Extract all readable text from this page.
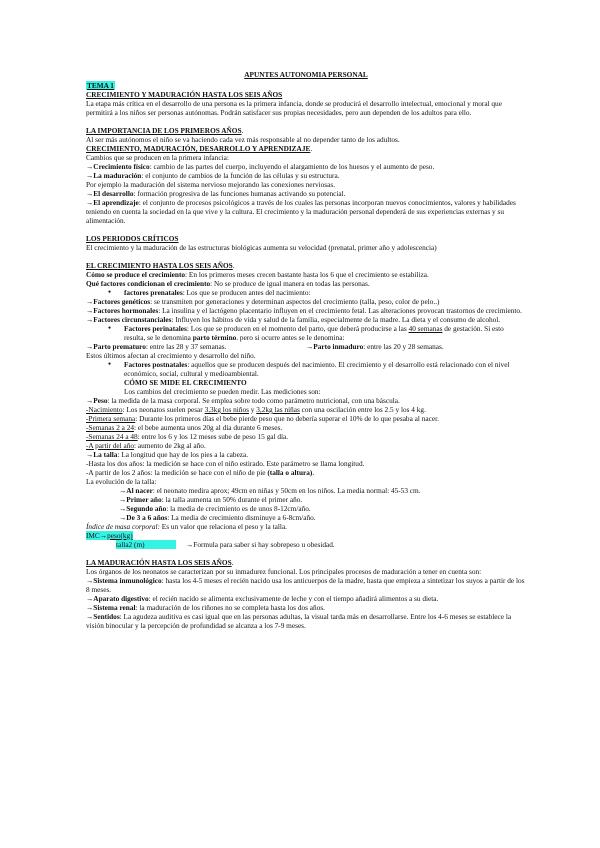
APUNTES AUTONOMIA PERSONAL
TEMA 1

CRECIMIENTO Y MADURACIÓN HASTA LOS SEIS AÑOS

La etapa más crítica en el desarrollo de una persona es la primera infancia, donde se producirá el desarrollo intelectual, emocional y moral que permitirá a los niños ser personas autónomas. Podrán satisfacer sus propias necesidades, pero aun dependen de los adultos para ello.

LA IMPORTANCIA DE LOS PRIMEROS AÑOS.

Al ser más autónomos el niño se va haciendo cada vez más responsable al no depender tanto de los adultos.

CRECIMIENTO, MADURACIÓN, DESARROLLO Y APRENDIZAJE.

Cambios que se producen en la primera infancia:

→Crecimiento físico: cambio de las partes del cuerpo, incluyendo el alargamiento de los huesos y el aumento de peso.

→La maduración: el conjunto de cambios de la función de las células y su estructura.

Por ejemplo la maduración del sistema nervioso mejorando las conexiones nerviosas.

→El desarrollo: formación progresiva de las funciones humanas activando su potencial.

→El aprendizaje: el conjunto de procesos psicológicos a través de los cuales las personas incorporan nuevos conocimientos, valores y habilidades teniendo en cuenta la sociedad en la que vive y la cultura. El crecimiento y la maduración personal dependerá de sus experiencias externas y su alimentación.

LOS PERIODOS CRÍTICOS

El crecimiento y la maduración de las estructuras biológicas aumenta su velocidad (prenatal, primer año y adolescencia)

EL CRECIMIENTO HASTA LOS SEIS AÑOS.

Cómo se produce el crecimiento: En los primeros meses crecen bastante hasta los 6 que el crecimiento se estabiliza.

Qué factores condicionan el crecimiento: No se produce de igual manera en todas las personas.

● factores prenatales: Los que se producen antes del nacimiento:

→Factores genéticos: se transmiten por generaciones y determinan aspectos del crecimiento (talla, peso, color de pelo..)

→Factores hormonales: La insulina y el lactógeno placentario influyen en el crecimiento fetal. Las alteraciones provocan trastornos de crecimiento.

→Factores circunstanciales: Influyen los hábitos de vida y salud de la familia, especialmente de la madre. La dieta y el consumo de alcohol.

● Factores perinatales: Los que se producen en el momento del parto, que deberá producirse a las 40 semanas de gestación. Si esto resulta, se le denomina parto término. pero si ocurre antes se le denomina:

→Parto prematuro: entre las 28 y 37 semanas.	→Parto inmaduro: entre las 20 y 28 semanas.

Estos últimos afectan al crecimiento y desarrollo del niño.

● Factores postnatales: aquellos que se producen después del nacimiento. El crecimiento y el desarrollo está relacionado con el nivel económico, social, cultural y medioambiental.

CÓMO SE MIDE EL CRECIMIENTO

Los cambios del crecimiento se pueden medir. Las mediciones son:

→Peso: la medida de la masa corporal. Se emplea sobre todo como parámetro nutricional, con una báscula.

-Nacimiento: Los neonatos suelen pesar 3,3kg los niños y 3,2kg las niñas con una oscilación entre los 2.5 y los 4 kg.

-Primera semana: Durante los primeros días el bebe pierde peso que no debería superar el 10% de lo que pesaba al nacer.

-Semanas 2 a 24: el bebe aumenta unos 20g al día durante 6 meses.

-Semanas 24 a 48: entre los 6 y los 12 meses sube de peso 15 gal día.

-A partir del año: aumento de 2kg al año.

→La talla: La longitud que hay de los pies a la cabeza.

-Hasta los dos años: la medición se hace con el niño estirado. Este parámetro se llama longitud.

-A partir de los 2 años: la medición se hace con el niño de pie (talla o altura).

La evolución de la talla:

→Al nacer: el neonato medira aprox; 49cm en niñas y 50cm en los niños. La media normal: 45-53 cm.

→Primer año: la talla aumenta un 50% durante el primer año.

→Segundo año: la media de crecimiento es de unos 8-12cm/año.

→De 3 a 6 años: La media de crecimiento disminuye a 6-8cm/año.

Índice de masa corporal: Es un valor que relaciona el peso y la talla.

IMC→peso(kg)

talla2 (m)	→Formula para saber si hay sobrepeso u obesidad.

LA MADURACIÓN HASTA LOS SEIS AÑOS.

Los órganos de los neonatos se caracterizan por su inmadurez funcional. Los principales procesos de maduración a tener en cuenta son:

→Sistema inmunológico: hasta los 4-5 meses el recién nacido usa los anticuerpos de la madre, hasta que empieza a sintetizar los suyos a partir de los 8 meses.

→Aparato digestivo: el recién nacido se alimenta exclusivamente de leche y con el tiempo añadirá alimentos a su dieta.

→Sistema renal: la maduración de los riñones no se completa hasta los dos años.

→Sentidos: La agudeza auditiva es casi igual que en las personas adultas, la visual tarda más en desarrollarse. Entre los 4-6 meses se establece la visión binocular y la percepción de profundidad se alcanza a los 7-9 meses.
